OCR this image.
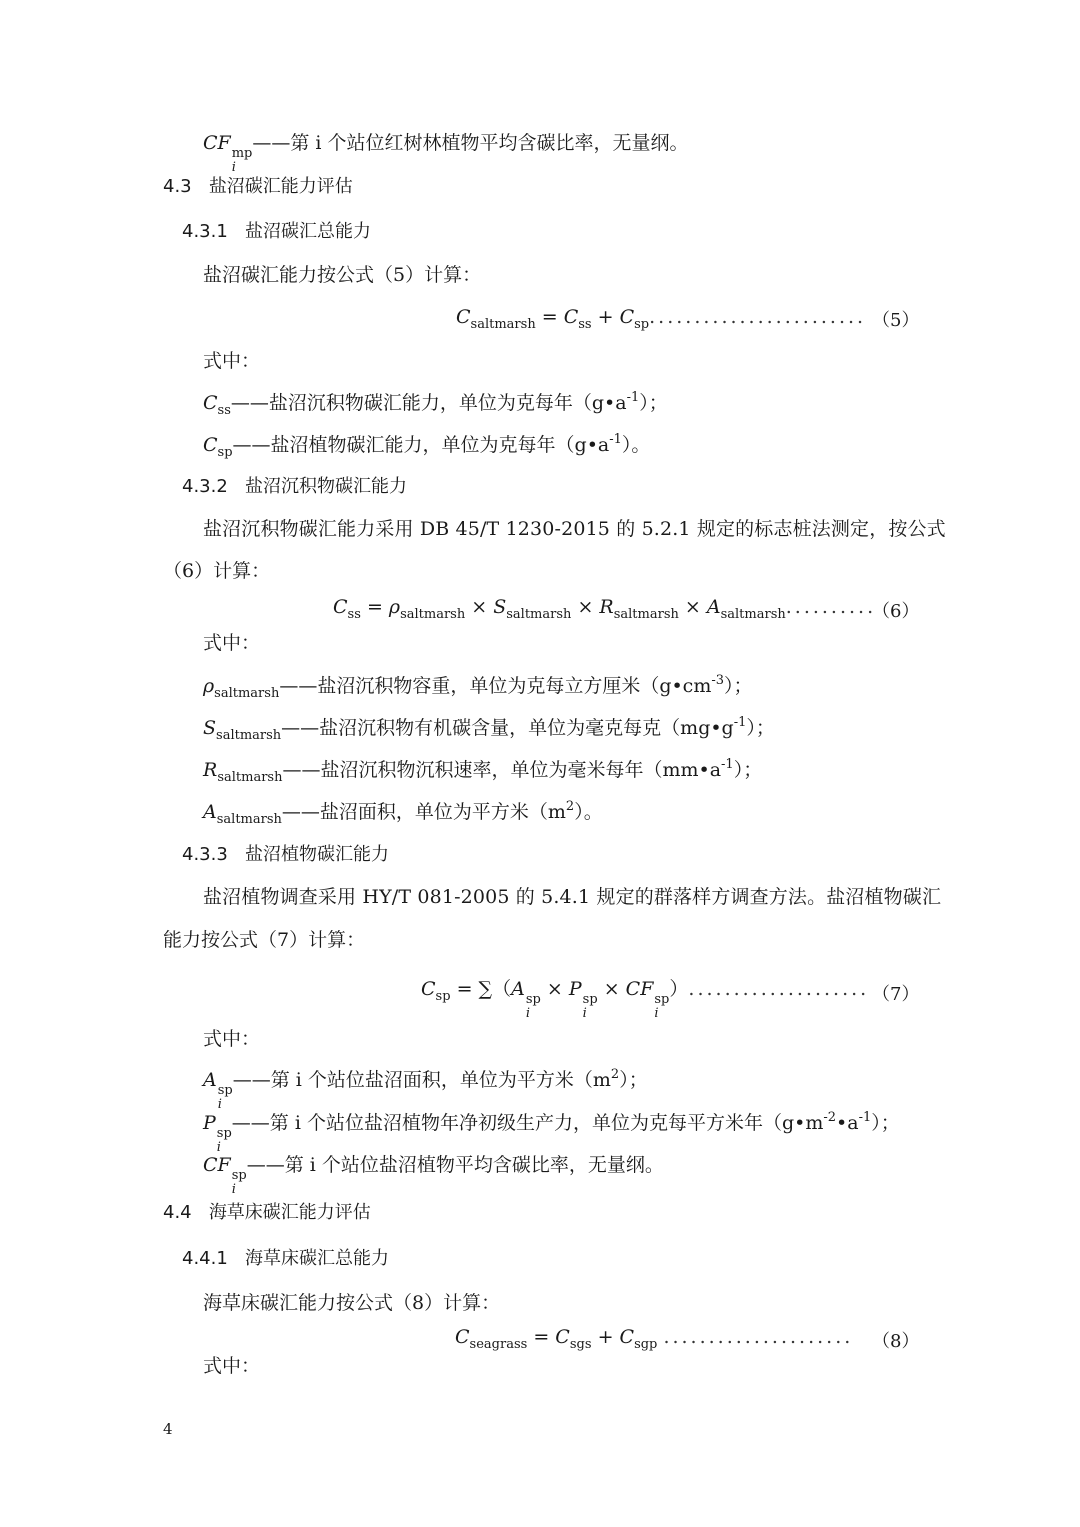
CF mp
i
——第 i 个站位红树林植物平均含碳比率，无量纲。
4.3 盐沼碳汇能力评估
4.3.1 盐沼碳汇总能力
盐沼碳汇能力按公式（5）计算：
$C_{saltmarsh} = C_{ss} + C_{sp}$........................ （5）
式中：
$C_{ss}——$盐沼沉积物碳汇能力，单位为克每年$(g•a^{-1})$；
$C_{sp}——$盐沼植物碳汇能力，单位为克每年$(g•a^{-1})$。
4.3.2 盐沼沉积物碳汇能力
盐沼沉积物碳汇能力采用 DB 45/T 1230-2015 的 5.2.1 规定的标志桩法测定，按公式
（6）计算：
$C_{ss} = \rho_{saltmarsh} \times S_{saltmarsh} \times R_{saltmarsh} \times A_{saltmarsh}$..........
（6）
式中：
$\rho_{saltmarsh}——$盐沼沉积物容重，单位为克每立方厘米$(g•cm^{-3})$；
$S_{saltmarsh}——$盐沼沉积物有机碳含量，单位为毫克每克$(mg•g^{-1})$；
$R_{saltmarsh}——$盐沼沉积物沉积速率，单位为毫米每年$(mm•a^{-1})$；
$A_{saltmarsh}——$盐沼面积，单位为平方米$(m^2)$。
4.3.3 盐沼植物碳汇能力
盐沼植物调查采用 HY/T 081-2005 的 5.4.1 规定的群落样方调查方法。盐沼植物碳汇
能力按公式（7）计算：
$C_{sp} = \sum(A$ sp
i
× P sp
i
× CF sp
i
）.................... （7）
式中：
A sp
i
——第 i 个站位盐沼面积，单位为平方米$(m^2)$；
P sp
i
——第 i 个站位盐沼植物年净初级生产力，单位为克每平方米年$(g•m^{-2}•a^{-1})$；
CF sp
i
——第 i 个站位盐沼植物平均含碳比率，无量纲。
4.4 海草床碳汇能力评估
4.4.1 海草床碳汇总能力
海草床碳汇能力按公式（8）计算：
$C_{seagrass} = C_{sgs} + C_{sgp}$ ..................... （8）
式中：
4
